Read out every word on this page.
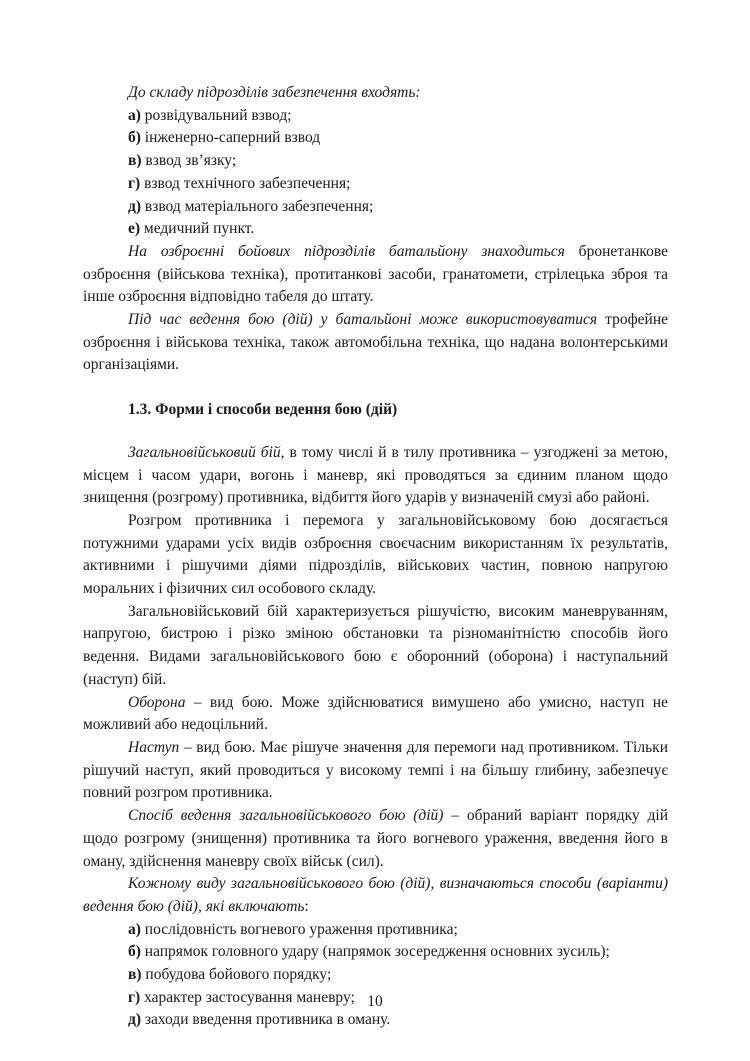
До складу підрозділів забезпечення входять:

а) розвідувальний взвод;

б) інженерно-саперний взвод

в) взвод зв’язку;

г) взвод технічного забезпечення;

д) взвод матеріального забезпечення;

е) медичний пункт.

На озброєнні бойових підрозділів батальйону знаходиться бронетанкове озброєння (військова техніка), протитанкові засоби, гранатомети, стрілецька зброя та інше озброєння відповідно табеля до штату.

Під час ведення бою (дій) у батальйоні може використовуватися трофейне озброєння і військова техніка, також автомобільна техніка, що надана волонтерськими організаціями.

1.3. Форми і способи ведення бою (дій)

Загальновійськовий бій, в тому числі й в тилу противника – узгоджені за метою, місцем і часом удари, вогонь і маневр, які проводяться за єдиним планом щодо знищення (розгрому) противника, відбиття його ударів у визначеній смузі або районі.

Розгром противника і перемога у загальновійськовому бою досягається потужними ударами усіх видів озброєння своєчасним використанням їх результатів, активними і рішучими діями підрозділів, військових частин, повною напругою моральних і фізичних сил особового складу.

Загальновійськовий бій характеризується рішучістю, високим маневруванням, напругою, бистрою і різко зміною обстановки та різноманітністю способів його ведення. Видами загальновійськового бою є оборонний (оборона) і наступальний (наступ) бій.

Оборона – вид бою. Може здійснюватися вимушено або умисно, наступ не можливий або недоцільний.

Наступ – вид бою. Має рішуче значення для перемоги над противником. Тільки рішучий наступ, який проводиться у високому темпі і на більшу глибину, забезпечує повний розгром противника.

Спосіб ведення загальновійськового бою (дій) – обраний варіант порядку дій щодо розгрому (знищення) противника та його вогневого ураження, введення його в оману, здійснення маневру своїх військ (сил).

Кожному виду загальновійськового бою (дій), визначаються способи (варіанти) ведення бою (дій), які включають:

а) послідовність вогневого ураження противника;

б) напрямок головного удару (напрямок зосередження основних зусиль);

в) побудова бойового порядку;

г) характер застосування маневру;

д) заходи введення противника в оману.

10
